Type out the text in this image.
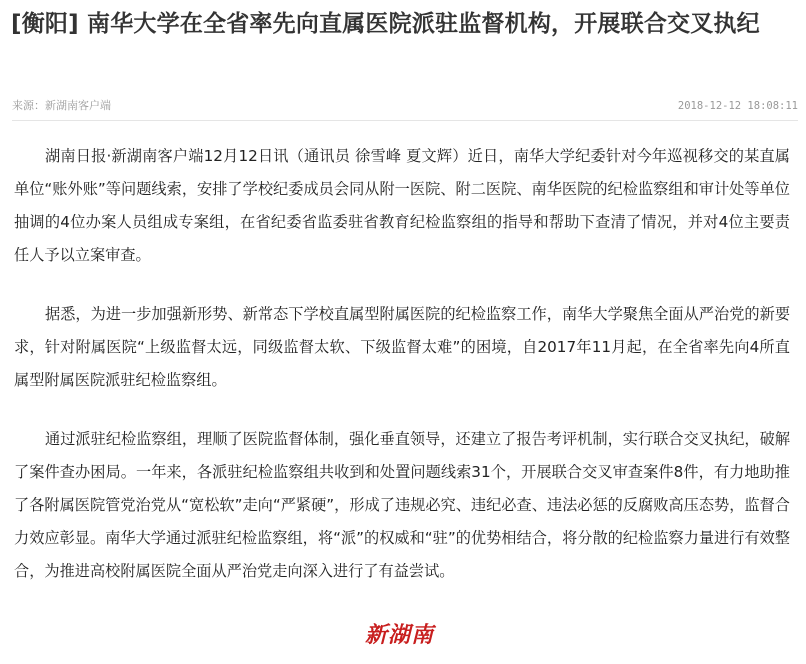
[衡阳] 南华大学在全省率先向直属医院派驻监督机构，开展联合交叉执纪
来源：新湖南客户端	2018-12-12 18:08:11

湖南日报·新湖南客户端12月12日讯（通讯员 徐雪峰 夏文辉）近日，南华大学纪委针对今年巡视移交的某直属单位“账外账”等问题线索，安排了学校纪委成员会同从附一医院、附二医院、南华医院的纪检监察组和审计处等单位抽调的4位办案人员组成专案组，在省纪委省监委驻省教育纪检监察组的指导和帮助下查清了情况，并对4位主要责任人予以立案审查。

据悉，为进一步加强新形势、新常态下学校直属型附属医院的纪检监察工作，南华大学聚焦全面从严治党的新要求，针对附属医院“上级监督太远，同级监督太软、下级监督太难”的困境，自2017年11月起，在全省率先向4所直属型附属医院派驻纪检监察组。

通过派驻纪检监察组，理顺了医院监督体制，强化垂直领导，还建立了报告考评机制，实行联合交叉执纪，破解了案件查办困局。一年来，各派驻纪检监察组共收到和处置问题线索31个，开展联合交叉审查案件8件，有力地助推了各附属医院管党治党从“宽松软”走向“严紧硬”，形成了违规必究、违纪必查、违法必惩的反腐败高压态势，监督合力效应彰显。南华大学通过派驻纪检监察组，将“派”的权威和“驻”的优势相结合，将分散的纪检监察力量进行有效整合，为推进高校附属医院全面从严治党走向深入进行了有益尝试。

新湖南
